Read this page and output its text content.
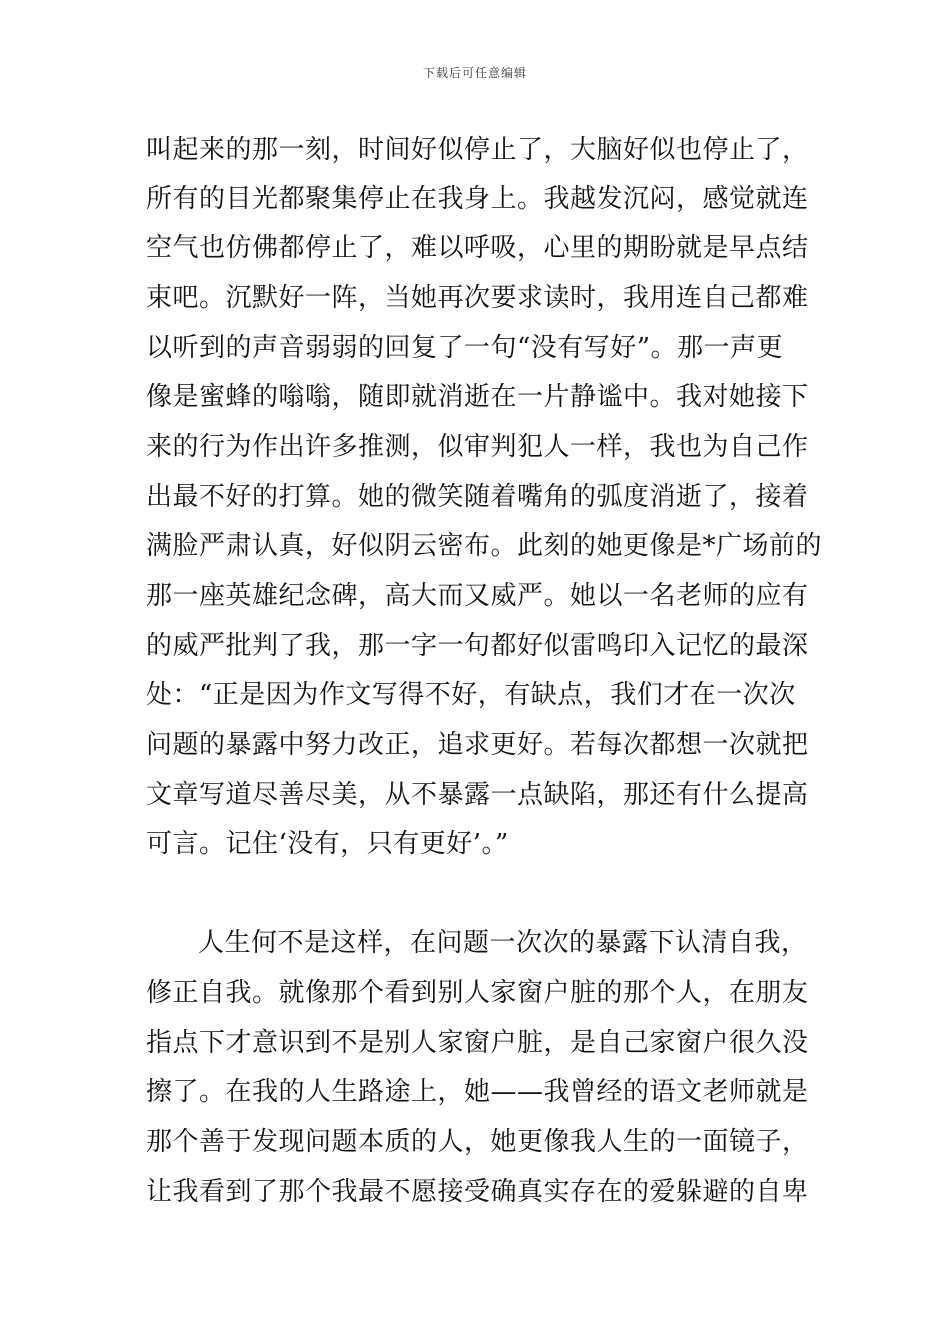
下载后可任意编辑
叫起来的那一刻，时间好似停止了，大脑好似也停止了，
所有的目光都聚集停止在我身上。我越发沉闷，感觉就连
空气也仿佛都停止了，难以呼吸，心里的期盼就是早点结
束吧。沉默好一阵，当她再次要求读时，我用连自己都难
以听到的声音弱弱的回复了一句“没有写好”。那一声更
像是蜜蜂的嗡嗡，随即就消逝在一片静谧中。我对她接下
来的行为作出许多推测，似审判犯人一样，我也为自己作
出最不好的打算。她的微笑随着嘴角的弧度消逝了，接着
满脸严肃认真，好似阴云密布。此刻的她更像是*广场前的
那一座英雄纪念碑，高大而又威严。她以一名老师的应有
的威严批判了我，那一字一句都好似雷鸣印入记忆的最深
处：“正是因为作文写得不好，有缺点，我们才在一次次
问题的暴露中努力改正，追求更好。若每次都想一次就把
文章写道尽善尽美，从不暴露一点缺陷，那还有什么提高
可言。记住‘没有，只有更好’。”
人生何不是这样，在问题一次次的暴露下认清自我，
修正自我。就像那个看到别人家窗户脏的那个人，在朋友
指点下才意识到不是别人家窗户脏，是自己家窗户很久没
擦了。在我的人生路途上，她——我曾经的语文老师就是
那个善于发现问题本质的人，她更像我人生的一面镜子，
让我看到了那个我最不愿接受确真实存在的爱躲避的自卑
